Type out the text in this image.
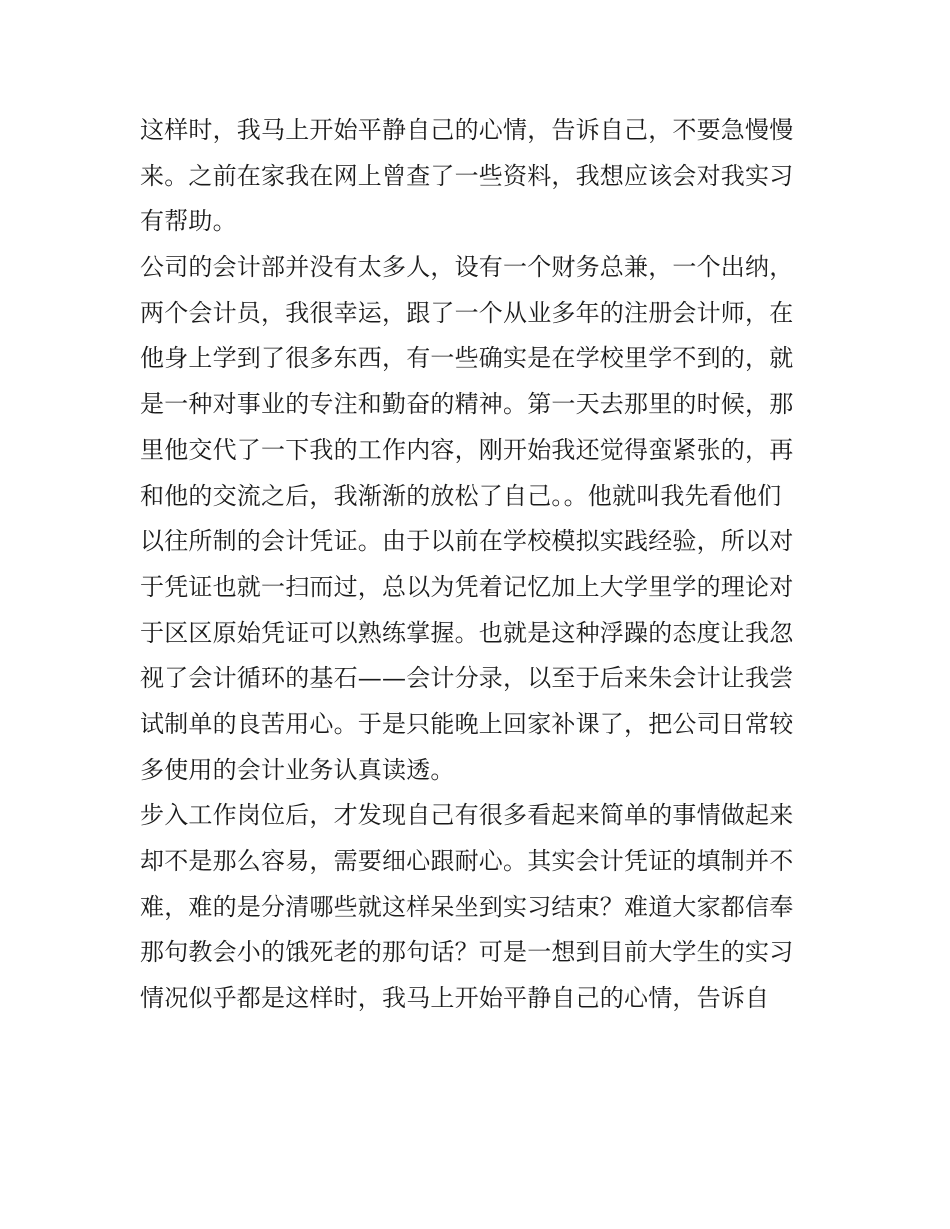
这样时，我马上开始平静自己的心情，告诉自己，不要急慢慢
来。之前在家我在网上曾查了一些资料，我想应该会对我实习
有帮助。
公司的会计部并没有太多人，设有一个财务总兼，一个出纳，
两个会计员，我很幸运，跟了一个从业多年的注册会计师，在
他身上学到了很多东西，有一些确实是在学校里学不到的，就
是一种对事业的专注和勤奋的精神。第一天去那里的时候，那
里他交代了一下我的工作内容，刚开始我还觉得蛮紧张的，再
和他的交流之后，我渐渐的放松了自己。。他就叫我先看他们
以往所制的会计凭证。由于以前在学校模拟实践经验，所以对
于凭证也就一扫而过，总以为凭着记忆加上大学里学的理论对
于区区原始凭证可以熟练掌握。也就是这种浮躁的态度让我忽
视了会计循环的基石——会计分录，以至于后来朱会计让我尝
试制单的良苦用心。于是只能晚上回家补课了，把公司日常较
多使用的会计业务认真读透。
步入工作岗位后，才发现自己有很多看起来简单的事情做起来
却不是那么容易，需要细心跟耐心。其实会计凭证的填制并不
难，难的是分清哪些就这样呆坐到实习结束？难道大家都信奉
那句教会小的饿死老的那句话？可是一想到目前大学生的实习
情况似乎都是这样时，我马上开始平静自己的心情，告诉自
